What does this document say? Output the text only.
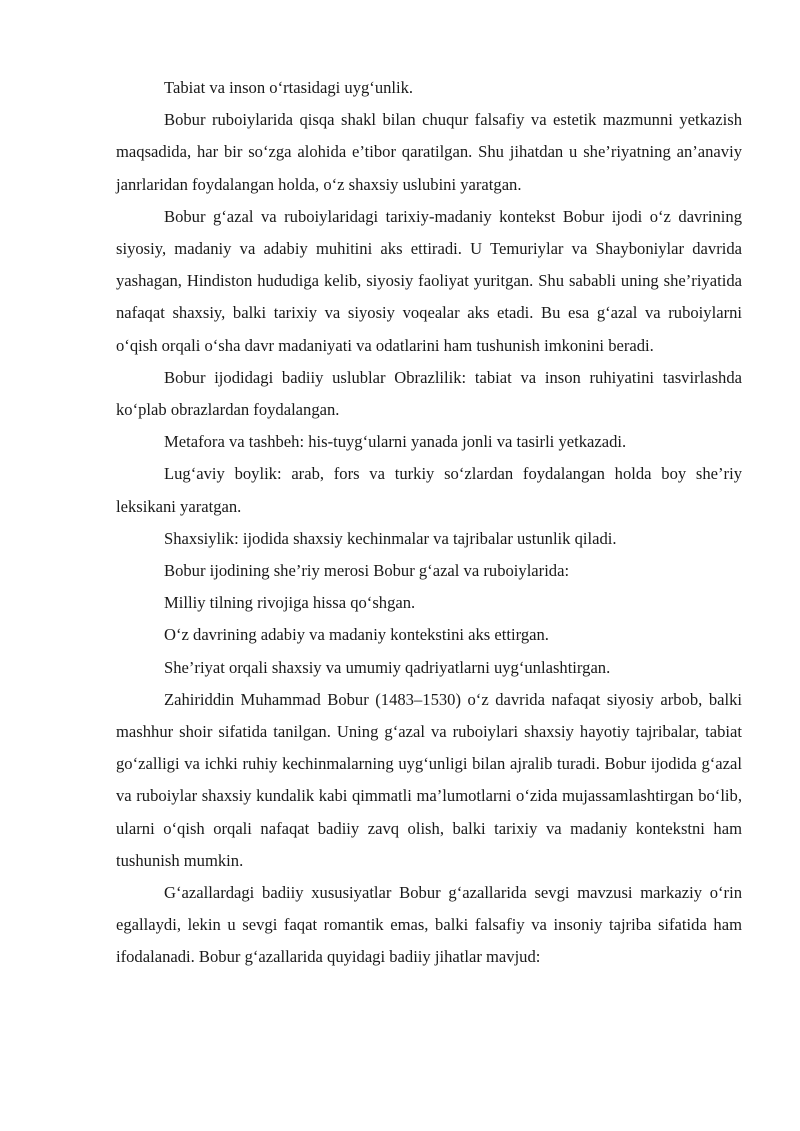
Tabiat va inson o‘rtasidagi uyg‘unlik.

Bobur ruboiylarida qisqa shakl bilan chuqur falsafiy va estetik mazmunni yetkazish maqsadida, har bir so‘zga alohida e’tibor qaratilgan. Shu jihatdan u she’riyatning an’anaviy janrlaridan foydalangan holda, o‘z shaxsiy uslubini yaratgan.

Bobur g‘azal va ruboiylaridagi tarixiy-madaniy kontekst Bobur ijodi o‘z davrining siyosiy, madaniy va adabiy muhitini aks ettiradi. U Temuriylar va Shayboniylar davrida yashagan, Hindiston hududiga kelib, siyosiy faoliyat yuritgan. Shu sababli uning she’riyatida nafaqat shaxsiy, balki tarixiy va siyosiy voqealar aks etadi. Bu esa g‘azal va ruboiylarni o‘qish orqali o‘sha davr madaniyati va odatlarini ham tushunish imkonini beradi.

Bobur ijodidagi badiiy uslublar Obrazlilik: tabiat va inson ruhiyatini tasvirlashda ko‘plab obrazlardan foydalangan.

Metafora va tashbeh: his-tuyg‘ularni yanada jonli va tasirli yetkazadi.

Lug‘aviy boylik: arab, fors va turkiy so‘zlardan foydalangan holda boy she’riy leksikani yaratgan.

Shaxsiylik: ijodida shaxsiy kechinmalar va tajribalar ustunlik qiladi.

Bobur ijodining she’riy merosi Bobur g‘azal va ruboiylarida:

Milliy tilning rivojiga hissa qo‘shgan.

O‘z davrining adabiy va madaniy kontekstini aks ettirgan.

She’riyat orqali shaxsiy va umumiy qadriyatlarni uyg‘unlashtirgan.

Zahiriddin Muhammad Bobur (1483–1530) o‘z davrida nafaqat siyosiy arbob, balki mashhur shoir sifatida tanilgan. Uning g‘azal va ruboiylari shaxsiy hayotiy tajribalar, tabiat go‘zalligi va ichki ruhiy kechinmalarning uyg‘unligi bilan ajralib turadi. Bobur ijodida g‘azal va ruboiylar shaxsiy kundalik kabi qimmatli ma’lumotlarni o‘zida mujassamlashtirgan bo‘lib, ularni o‘qish orqali nafaqat badiiy zavq olish, balki tarixiy va madaniy kontekstni ham tushunish mumkin.

G‘azallardagi badiiy xususiyatlar Bobur g‘azallarida sevgi mavzusi markaziy o‘rin egallaydi, lekin u sevgi faqat romantik emas, balki falsafiy va insoniy tajriba sifatida ham ifodalanadi. Bobur g‘azallarida quyidagi badiiy jihatlar mavjud:
